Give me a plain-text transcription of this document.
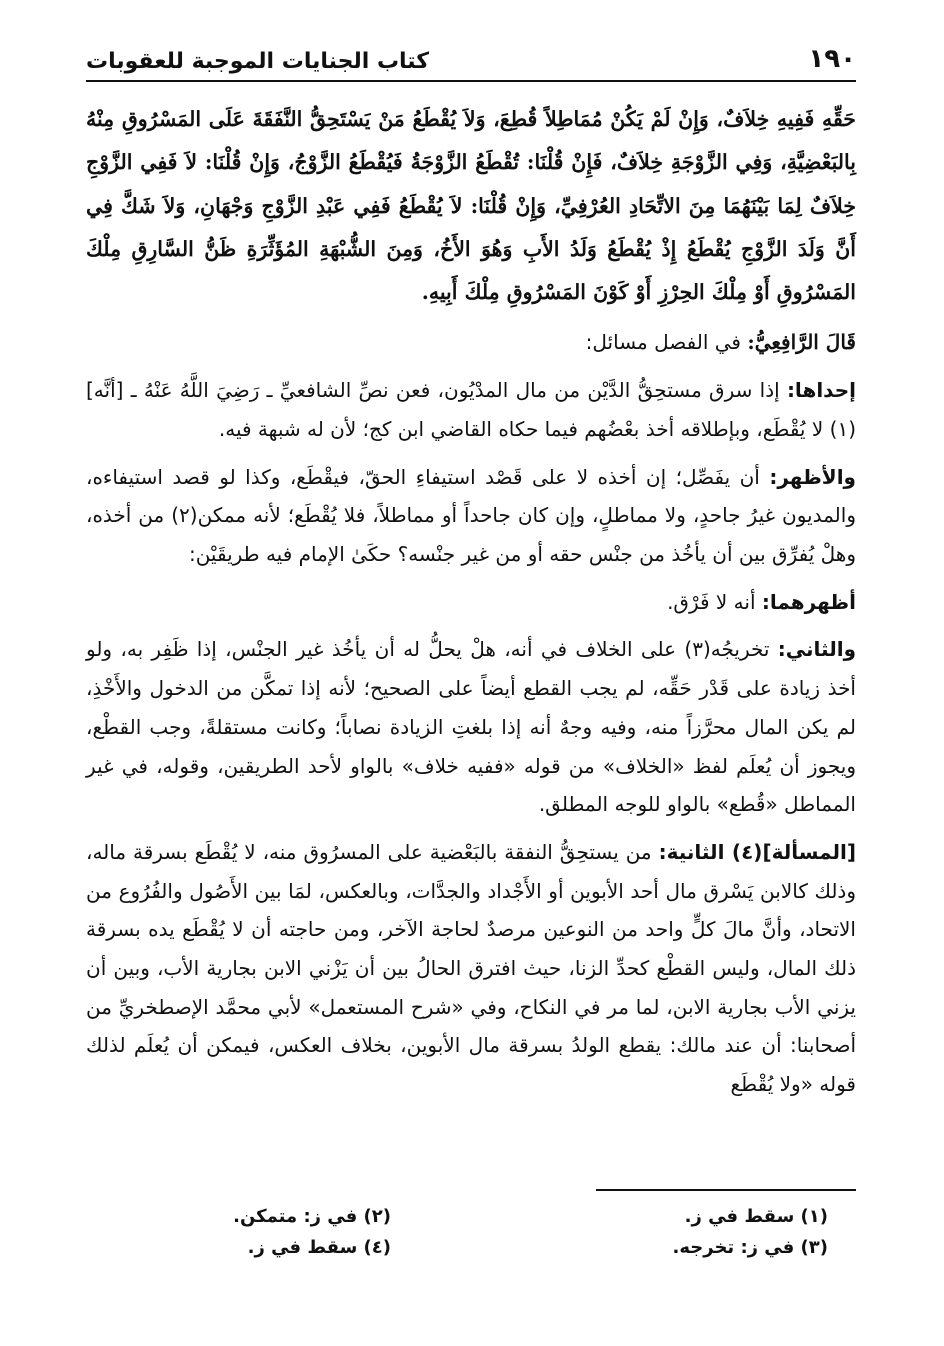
١٩٠
كتاب الجنايات الموجبة للعقوبات
حَقِّهِ فَفِيهِ خِلاَفٌ، وَإِنْ لَمْ يَكُنْ مُمَاطِلاً قُطِعَ، وَلاَ يُقْطَعُ مَنْ يَسْتَحِقُّ النَّفَقَةَ عَلَى المَسْرُوقِ مِنْهُ بِالبَعْضِيَّةِ، وَفِي الزَّوْجَةِ خِلاَفٌ، فَإِنْ قُلْنَا: تُقْطَعُ الزَّوْجَةُ فَيُقْطَعُ الزَّوْجُ، وَإِنْ قُلْنَا: لاَ فَفِي الزَّوْجِ خِلاَفٌ لِمَا بَيْنَهُمَا مِنَ الاتِّحَادِ العُرْفِيِّ، وَإِنْ قُلْنَا: لاَ يُقْطَعُ فَفِي عَبْدِ الزَّوْجِ وَجْهَانِ، وَلاَ شَكَّ فِي أَنَّ وَلَدَ الزَّوْجِ يُقْطَعُ إِذْ يُقْطَعُ وَلَدُ الأَبِ وَهُوَ الأَخُ، وَمِنَ الشُّبْهَةِ المُؤَثِّرَةِ ظَنُّ السَّارِقِ مِلْكَ المَسْرُوقِ أَوْ مِلْكَ الحِرْزِ أَوْ كَوْنَ المَسْرُوقِ مِلْكَ أَبِيهِ.

قَالَ الرَّافِعِيُّ: في الفصل مسائل:

إحداها: إذا سرق مستحِقُّ الدَّيْن من مال المدْيُون، فعن نصِّ الشافعيِّ ـ رَضِيَ اللَّهُ عَنْهُ ـ [أنَّه](١) لا يُقْطَع، وبإطلاقه أخذ بعْضُهم فيما حكاه القاضي ابن كج؛ لأن له شبهة فيه.

والأظهر: أن يفَصِّل؛ إن أخذه لا على قَصْد استيفاءِ الحقّ، فيقْطَع، وكذا لو قصد استيفاءه، والمديون غيرُ جاحدٍ، ولا مماطلٍ، وإن كان جاحداً أو مماطلاً، فلا يُقْطَع؛ لأنه ممكن(٢) من أخذه، وهلْ يُفرِّق بين أن يأخُذ من جنْس حقه أو من غير جنْسه؟ حكَىٰ الإمام فيه طريقَيْن:

أظهرهما: أنه لا فَرْق.

والثاني: تخريجُه(٣) على الخلاف في أنه، هلْ يحلُّ له أن يأخُذ غير الجنْس، إذا ظَفِر به، ولو أخذ زيادة على قَدْر حَقِّه، لم يجب القطع أيضاً على الصحيح؛ لأنه إذا تمكَّن من الدخول والأَخْذِ، لم يكن المال محرَّزاً منه، وفيه وجهٌ أنه إذا بلغتِ الزيادة نصاباً؛ وكانت مستقلةً، وجب القطْع، ويجوز أن يُعلَم لفظ «الخلاف» من قوله «ففيه خلاف» بالواو لأحد الطريقين، وقوله، في غير المماطل «قُطع» بالواو للوجه المطلق.

[المسألة](٤) الثانية: من يستحِقُّ النفقة بالبَعْضية على المسرُوق منه، لا يُقْطَع بسرقة ماله، وذلك كالابن يَسْرق مال أحد الأبوين أو الأَجْداد والجدَّات، وبالعكس، لمَا بين الأَصُول والفُرُوع من الاتحاد، وأنَّ مالَ كلٍّ واحد من النوعين مرصدٌ لحاجة الآخر، ومن حاجته أن لا يُقْطَع يده بسرقة ذلك المال، وليس القطْع كحدِّ الزنا، حيث افترق الحالُ بين أن يَزْني الابن بجارية الأب، وبين أن يزني الأب بجارية الابن، لما مر في النكاح، وفي «شرح المستعمل» لأبي محمَّد الإصطخريِّ من أصحابنا: أن عند مالك: يقطع الولدُ بسرقة مال الأبوين، بخلاف العكس، فيمكن أن يُعلَم لذلك قوله «ولا يُقْطَع

(١) سقط في ز.
(٢) في ز: متمكن.
(٣) في ز: تخرجه.
(٤) سقط في ز.
